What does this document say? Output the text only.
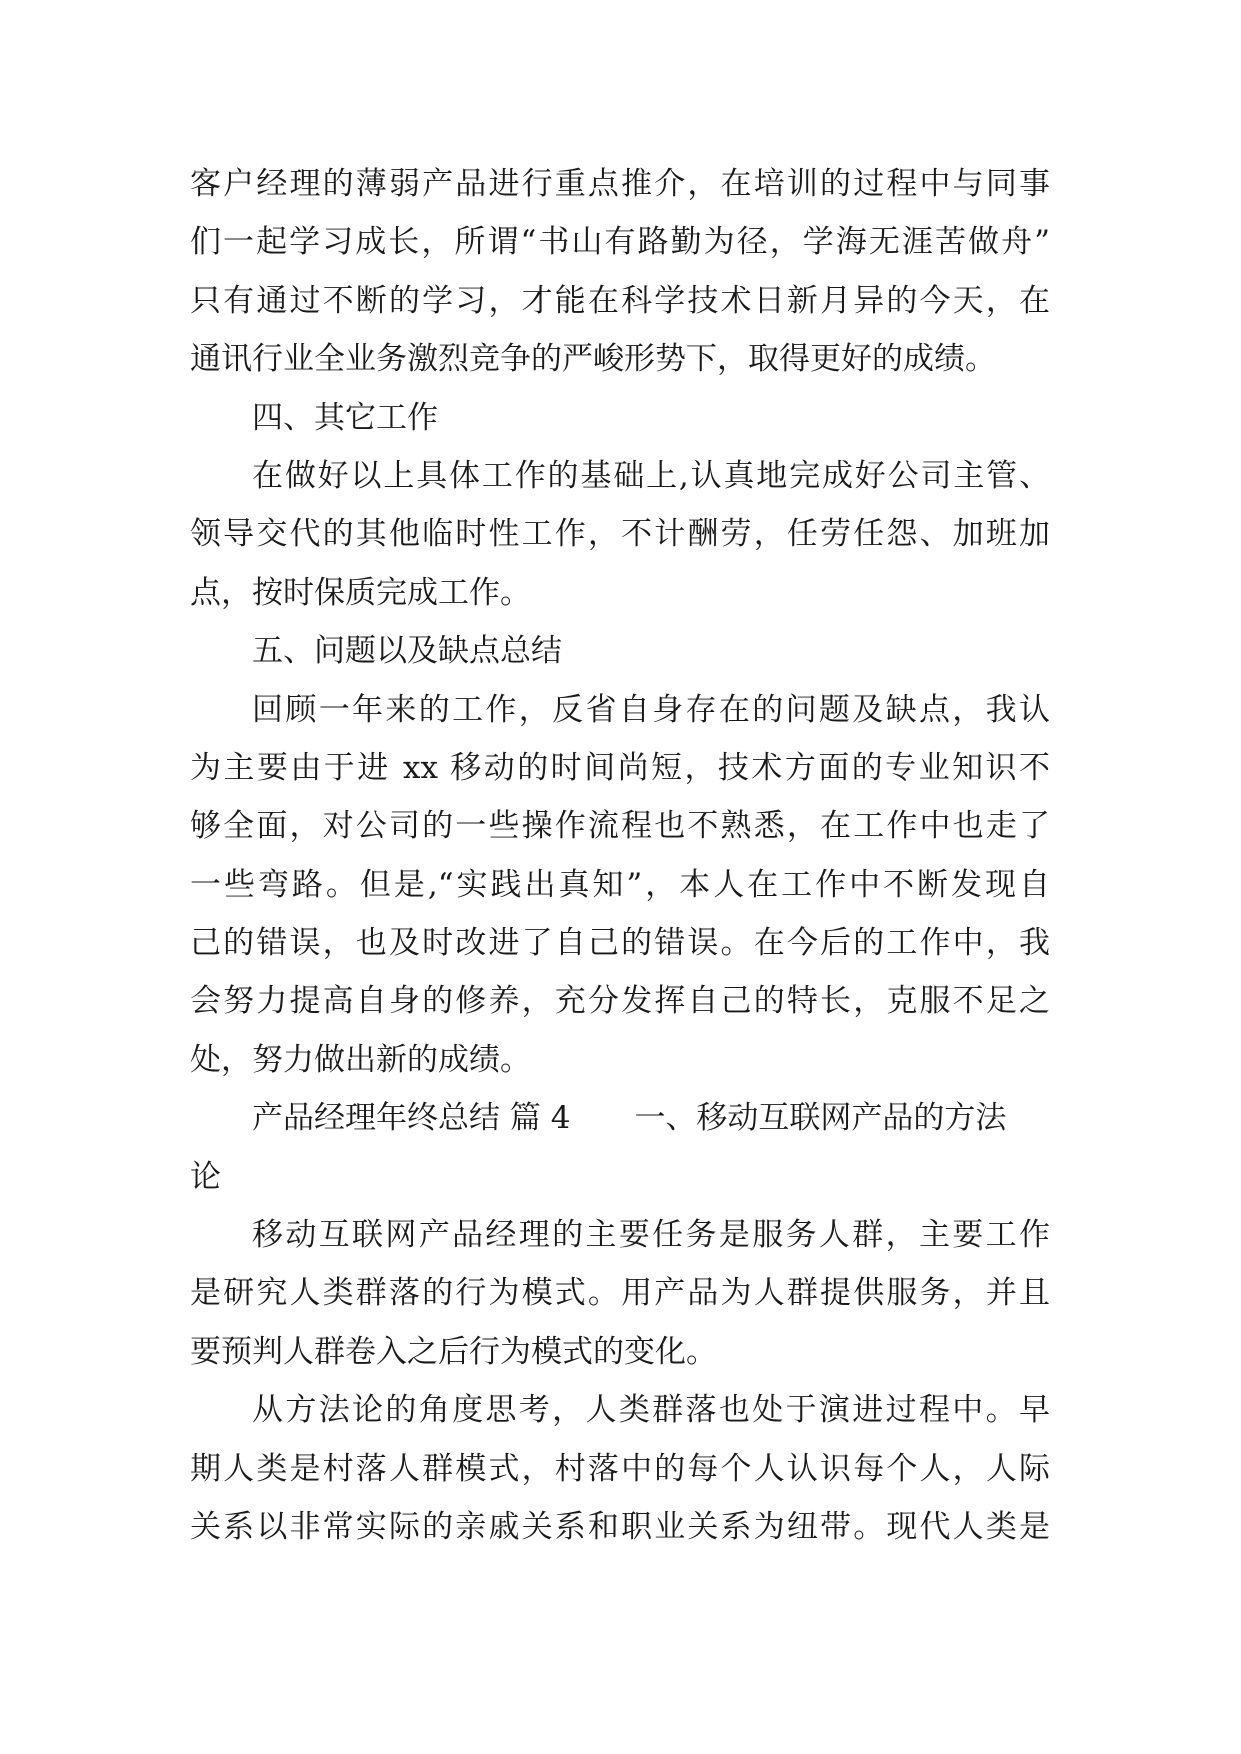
客户经理的薄弱产品进行重点推介，在培训的过程中与同事
们一起学习成长，所谓“书山有路勤为径，学海无涯苦做舟”
只有通过不断的学习，才能在科学技术日新月异的今天，在
通讯行业全业务激烈竞争的严峻形势下，取得更好的成绩。
四、其它工作
在做好以上具体工作的基础上,认真地完成好公司主管、
领导交代的其他临时性工作，不计酬劳，任劳任怨、加班加
点，按时保质完成工作。
五、问题以及缺点总结
回顾一年来的工作，反省自身存在的问题及缺点，我认
为主要由于进 xx 移动的时间尚短，技术方面的专业知识不
够全面，对公司的一些操作流程也不熟悉，在工作中也走了
一些弯路。但是,“实践出真知”，本人在工作中不断发现自
己的错误，也及时改进了自己的错误。在今后的工作中，我
会努力提高自身的修养，充分发挥自己的特长，克服不足之
处，努力做出新的成绩。
产品经理年终总结 篇 4 一、移动互联网产品的方法
论
移动互联网产品经理的主要任务是服务人群，主要工作
是研究人类群落的行为模式。用产品为人群提供服务，并且
要预判人群卷入之后行为模式的变化。
从方法论的角度思考，人类群落也处于演进过程中。早
期人类是村落人群模式，村落中的每个人认识每个人，人际
关系以非常实际的亲戚关系和职业关系为纽带。现代人类是
